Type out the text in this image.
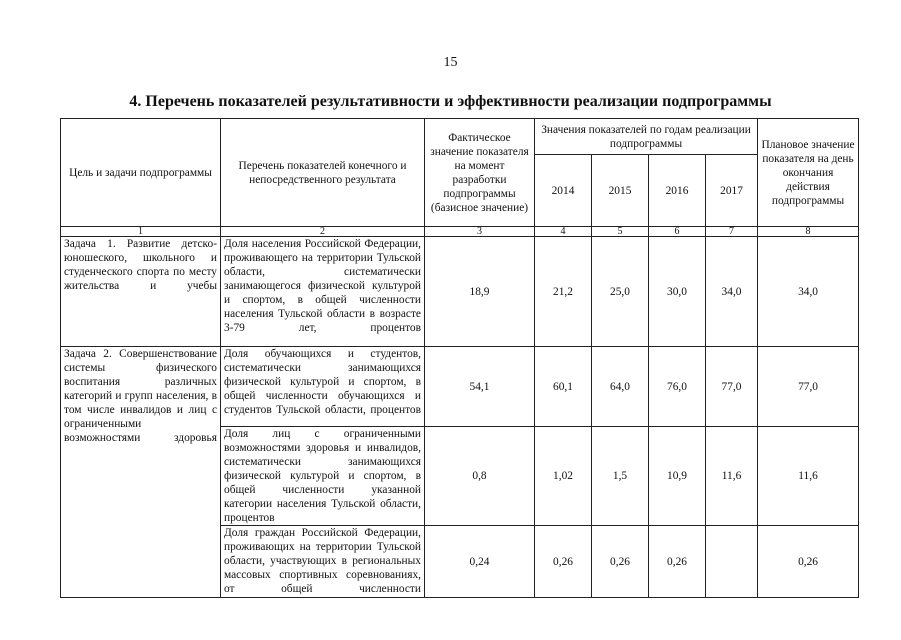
15
4. Перечень показателей результативности и эффективности реализации подпрограммы
Цель и задачи подпрограммы	Перечень показателей конечного и непосредственного результата	Фактическое значение показателя на момент разработки подпрограммы (базисное значение)	Значения показателей по годам реализации подпрограммы				Плановое значение показателя на день окончания действия подпрограммы
			2014	2015	2016	2017	
1	2	3	4	5	6	7	8
Задача 1. Развитие детско-юношеского, школьного и студенческого спорта по месту жительства и учебы	Доля населения Российской Федерации, проживающего на территории Тульской области, систематически занимающегося физической культурой и спортом, в общей численности населения Тульской области в возрасте 3-79 лет, процентов	18,9	21,2	25,0	30,0	34,0	34,0
Задача 2. Совершенствование системы физического воспитания различных категорий и групп населения, в том числе инвалидов и лиц с ограниченными возможностями здоровья	Доля обучающихся и студентов, систематически занимающихся физической культурой и спортом, в общей численности обучающихся и студентов Тульской области, процентов	54,1	60,1	64,0	76,0	77,0	77,0
	Доля лиц с ограниченными возможностями здоровья и инвалидов, систематически занимающихся физической культурой и спортом, в общей численности указанной категории населения Тульской области, процентов	0,8	1,02	1,5	10,9	11,6	11,6
	Доля граждан Российской Федерации, проживающих на территории Тульской области, участвующих в региональных массовых спортивных соревнованиях, от общей численности	0,24	0,26	0,26	0,26		0,26
